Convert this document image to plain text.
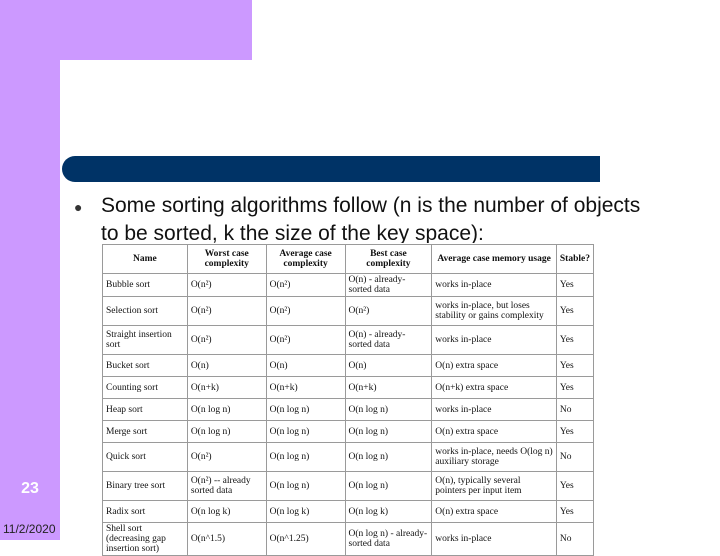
● Some sorting algorithms follow (n is the number of objects to be sorted, k the size of the key space):
Name	Worst case complexity	Average case complexity	Best case complexity	Average case memory usage	Stable?
Bubble sort	O(n²)	O(n²)	O(n) - already-sorted data	works in-place	Yes
Selection sort	O(n²)	O(n²)	O(n²)	works in-place, but loses stability or gains complexity	Yes
Straight insertion sort	O(n²)	O(n²)	O(n) - already-sorted data	works in-place	Yes
Bucket sort	O(n)	O(n)	O(n)	O(n) extra space	Yes
Counting sort	O(n+k)	O(n+k)	O(n+k)	O(n+k) extra space	Yes
Heap sort	O(n log n)	O(n log n)	O(n log n)	works in-place	No
Merge sort	O(n log n)	O(n log n)	O(n log n)	O(n) extra space	Yes
Quick sort	O(n²)	O(n log n)	O(n log n)	works in-place, needs O(log n) auxiliary storage	No
Binary tree sort	O(n²) -- already sorted data	O(n log n)	O(n log n)	O(n), typically several pointers per input item	Yes
Radix sort	O(n log k)	O(n log k)	O(n log k)	O(n) extra space	Yes
Shell sort (decreasing gap insertion sort)	O(n^1.5)	O(n^1.25)	O(n log n) - already-sorted data	works in-place	No
23
11/2/2020
